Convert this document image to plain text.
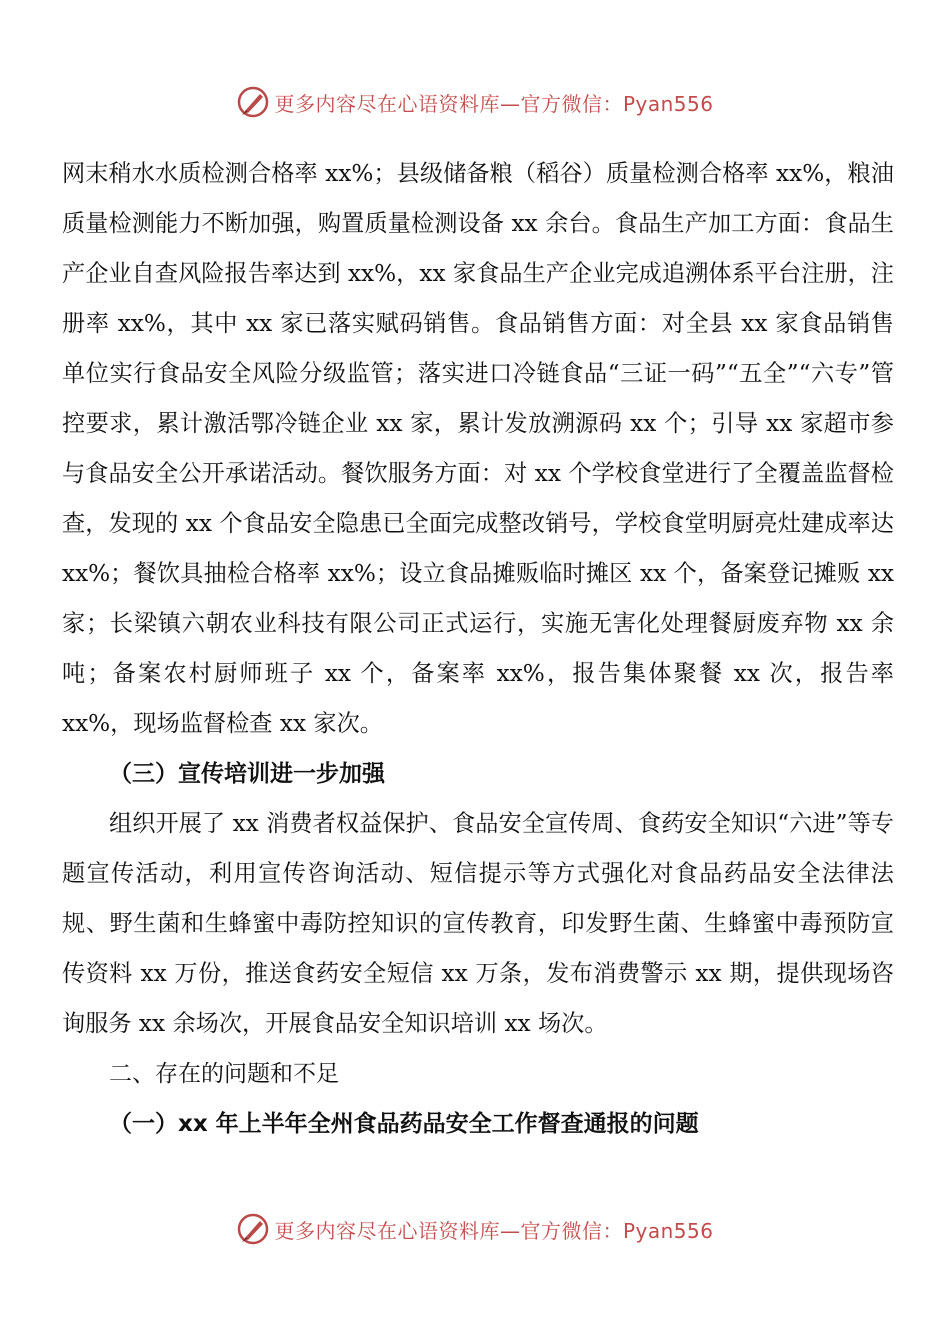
更多内容尽在心语资料库—官方微信：Pyan556

网末稍水水质检测合格率 xx%；县级储备粮（稻谷）质量检测合格率 xx%，粮油质量检测能力不断加强，购置质量检测设备 xx 余台。食品生产加工方面：食品生产企业自查风险报告率达到 xx%，xx 家食品生产企业完成追溯体系平台注册，注册率 xx%，其中 xx 家已落实赋码销售。食品销售方面：对全县 xx 家食品销售单位实行食品安全风险分级监管；落实进口冷链食品“三证一码”“五全”“六专”管控要求，累计激活鄂冷链企业 xx 家，累计发放溯源码 xx 个；引导 xx 家超市参与食品安全公开承诺活动。餐饮服务方面：对 xx 个学校食堂进行了全覆盖监督检查，发现的 xx 个食品安全隐患已全面完成整改销号，学校食堂明厨亮灶建成率达 xx%；餐饮具抽检合格率 xx%；设立食品摊贩临时摊区 xx 个，备案登记摊贩 xx 家；长梁镇六朝农业科技有限公司正式运行，实施无害化处理餐厨废弃物 xx 余吨；备案农村厨师班子 xx 个，备案率 xx%，报告集体聚餐 xx 次，报告率 xx%，现场监督检查 xx 家次。

（三）宣传培训进一步加强

组织开展了 xx 消费者权益保护、食品安全宣传周、食药安全知识“六进”等专题宣传活动，利用宣传咨询活动、短信提示等方式强化对食品药品安全法律法规、野生菌和生蜂蜜中毒防控知识的宣传教育，印发野生菌、生蜂蜜中毒预防宣传资料 xx 万份，推送食药安全短信 xx 万条，发布消费警示 xx 期，提供现场咨询服务 xx 余场次，开展食品安全知识培训 xx 场次。

二、存在的问题和不足

（一）xx 年上半年全州食品药品安全工作督查通报的问题

更多内容尽在心语资料库—官方微信：Pyan556
